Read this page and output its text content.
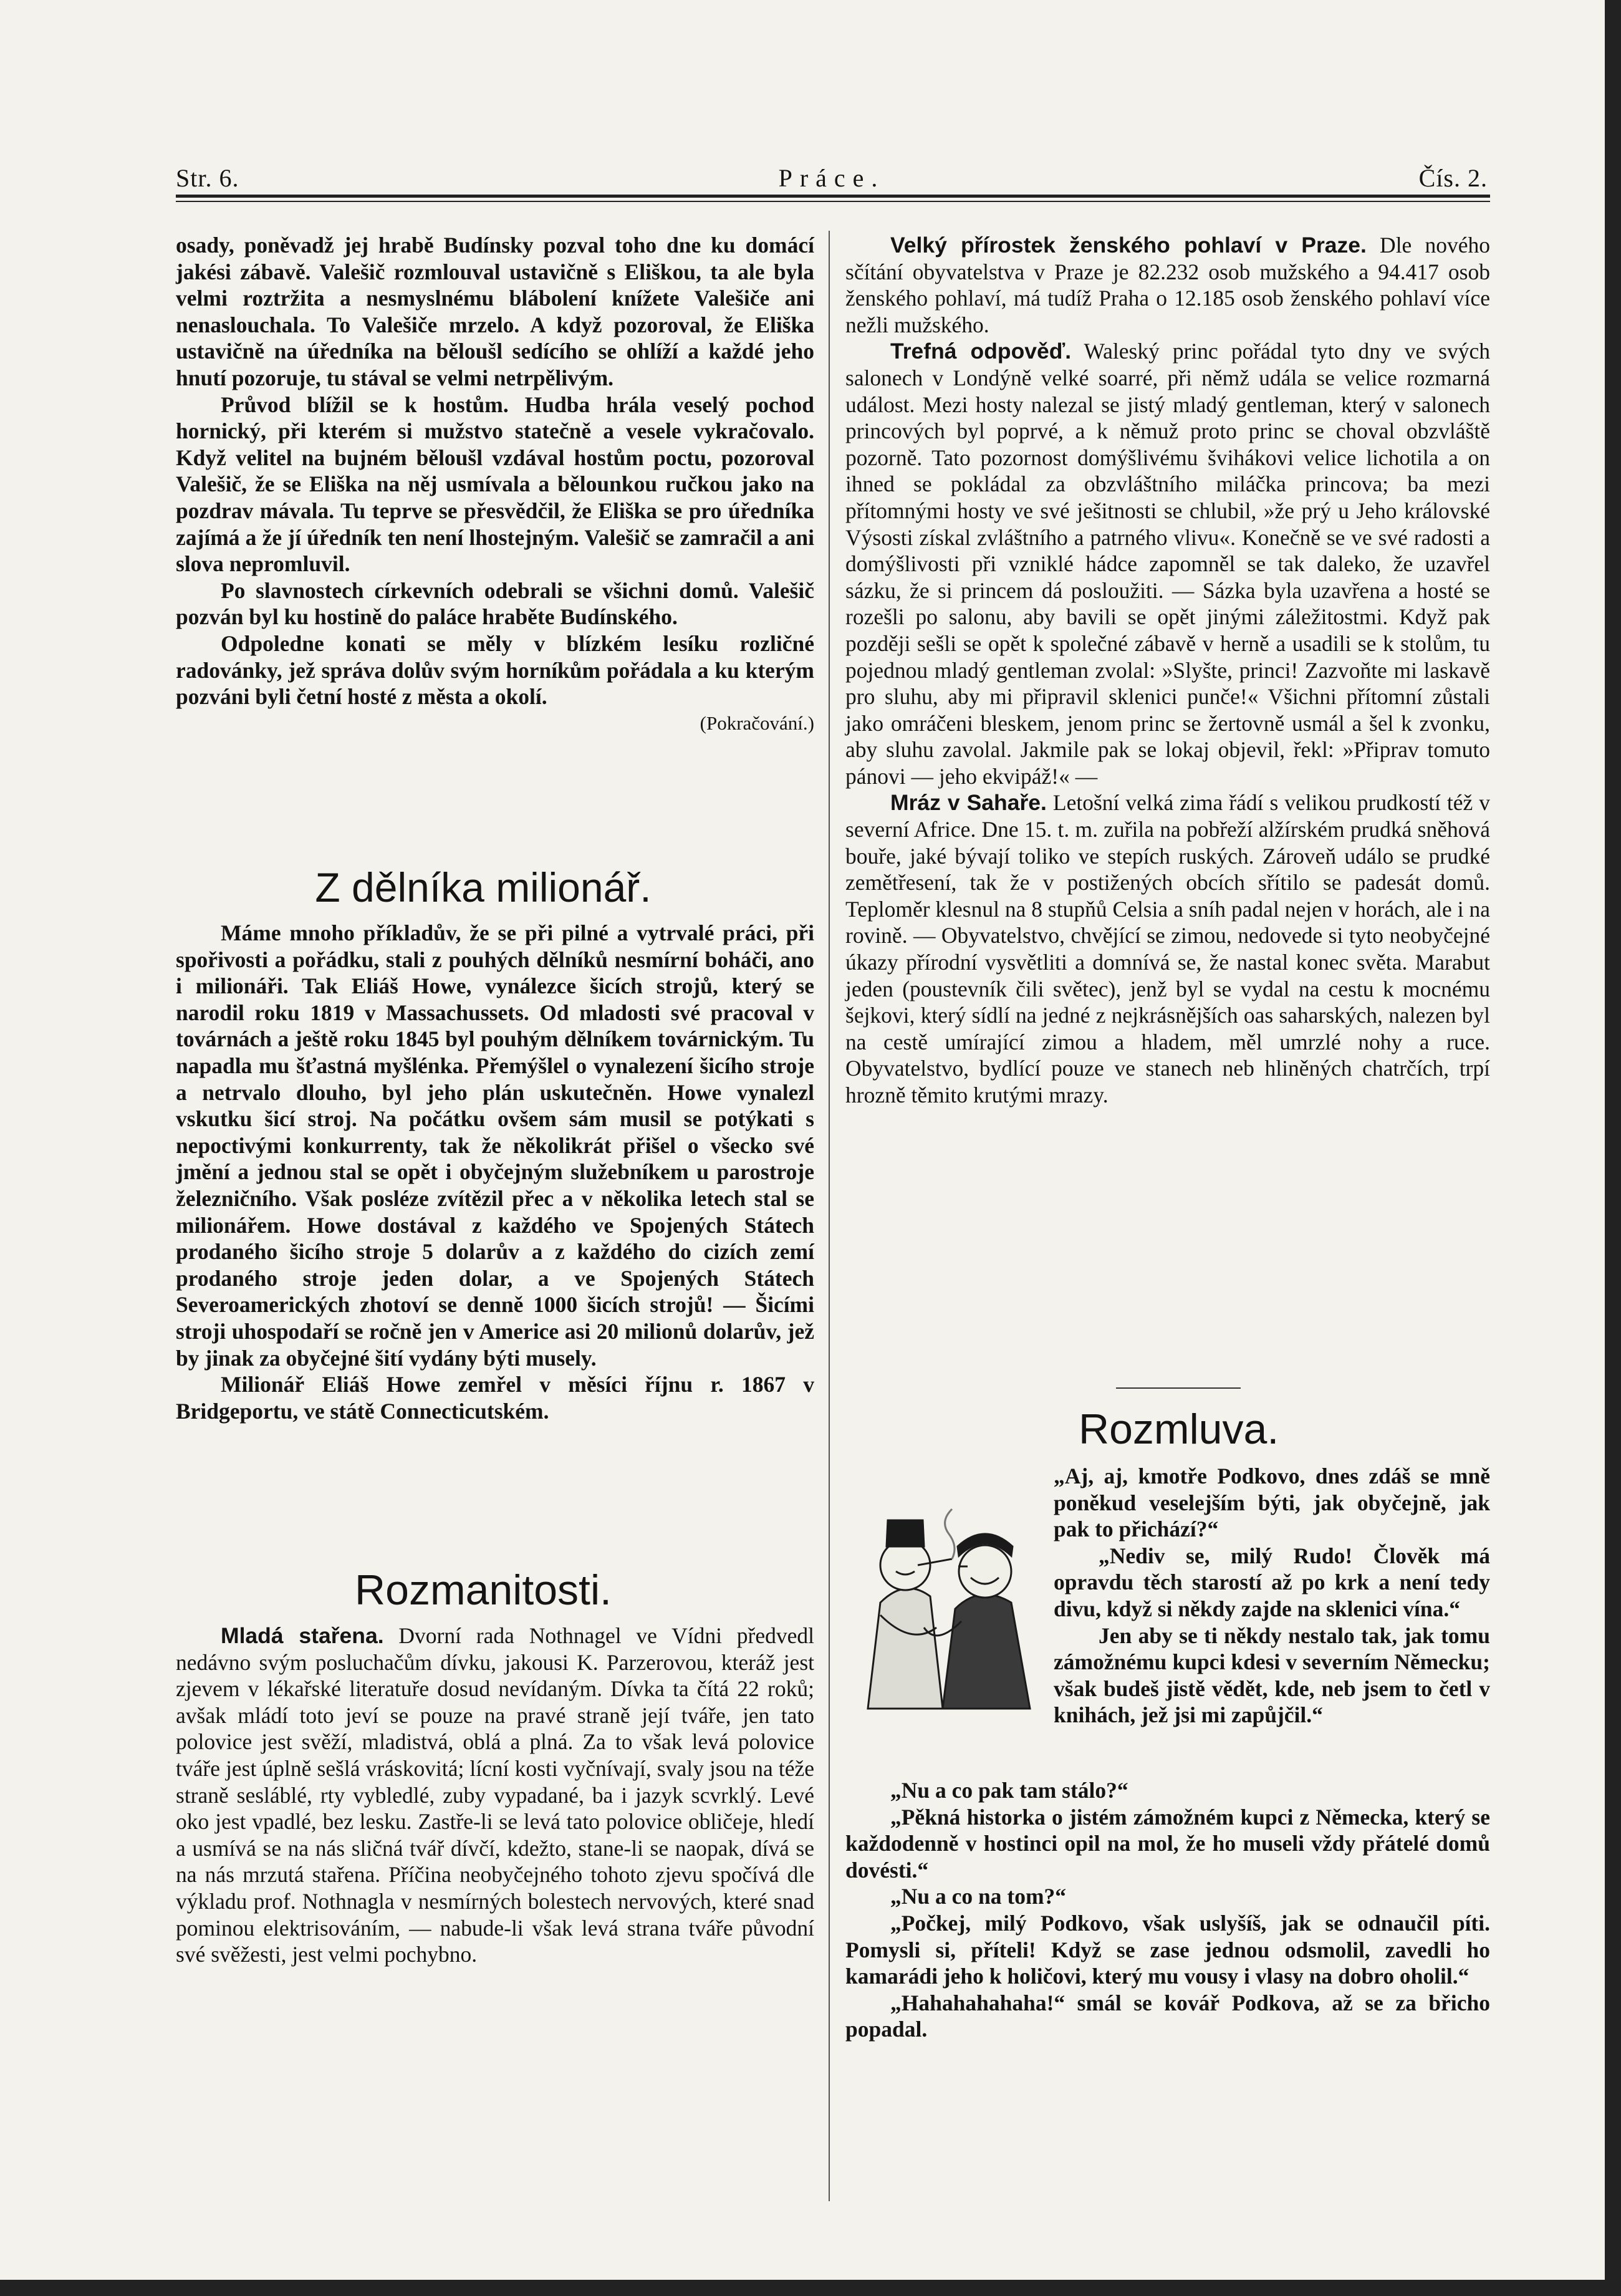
Str. 6.	Práce.	Čís. 2.

osady, poněvadž jej hrabě Budínsky pozval toho dne ku domácí jakési zábavě. Valešič rozmlouval ustavičně s Eliškou, ta ale byla velmi roztržita a nesmyslnému blábolení knížete Valešiče ani nenaslouchala. To Valešiče mrzelo. A když pozoroval, že Eliška ustavičně na úředníka na běloušl sedícího se ohlíží a každé jeho hnutí pozoruje, tu stával se velmi netrpělivým.

Průvod blížil se k hostům. Hudba hrála veselý pochod hornický, při kterém si mužstvo statečně a vesele vykračovalo. Když velitel na bujném běloušl vzdával hostům poctu, pozoroval Valešič, že se Eliška na něj usmívala a bělounkou ručkou jako na pozdrav mávala. Tu teprve se přesvědčil, že Eliška se pro úředníka zajímá a že jí úředník ten není lhostejným. Valešič se zamračil a ani slova nepromluvil.

Po slavnostech církevních odebrali se všichni domů. Valešič pozván byl ku hostině do paláce hraběte Budínského.

Odpoledne konati se měly v blízkém lesíku rozličné radovánky, jež správa dolův svým horníkům pořádala a ku kterým pozváni byli četní hosté z města a okolí.

(Pokračování.)
Z dělníka milionář.

Máme mnoho příkladův, že se při pilné a vytrvalé práci, při spořivosti a pořádku, stali z pouhých dělníků nesmírní boháči, ano i milionáři. Tak Eliáš Howe, vynálezce šicích strojů, který se narodil roku 1819 v Massachussets. Od mladosti své pracoval v továrnách a ještě roku 1845 byl pouhým dělníkem továrnickým. Tu napadla mu šťastná myšlénka. Přemýšlel o vynalezení šicího stroje a netrvalo dlouho, byl jeho plán uskutečněn. Howe vynalezl vskutku šicí stroj. Na počátku ovšem sám musil se potýkati s nepoctivými konkurrenty, tak že několikrát přišel o všecko své jmění a jednou stal se opět i obyčejným služebníkem u parostroje železničního. Však posléze zvítězil přec a v několika letech stal se milionářem. Howe dostával z každého ve Spojených Státech prodaného šicího stroje 5 dolarův a z každého do cizích zemí prodaného stroje jeden dolar, a ve Spojených Státech Severoamerických zhotoví se denně 1000 šicích strojů! — Šicími stroji uhospodaří se ročně jen v Americe asi 20 milionů dolarův, jež by jinak za obyčejné šití vydány býti musely.

Milionář Eliáš Howe zemřel v měsíci říjnu r. 1867 v Bridgeportu, ve státě Connecticutském.

Rozmanitosti.

Mladá stařena. Dvorní rada Nothnagel ve Vídni předvedl nedávno svým posluchačům dívku, jakousi K. Parzerovou, kteráž jest zjevem v lékařské literatuře dosud nevídaným. Dívka ta čítá 22 roků; avšak mládí toto jeví se pouze na pravé straně její tváře, jen tato polovice jest svěží, mladistvá, oblá a plná. Za to však levá polovice tváře jest úplně sešlá vráskovitá; lícní kosti vyčnívají, svaly jsou na téže straně sesláblé, rty vybledlé, zuby vypadané, ba i jazyk scvrklý. Levé oko jest vpadlé, bez lesku. Zastře-li se levá tato polovice obličeje, hledí a usmívá se na nás sličná tvář dívčí, kdežto, stane-li se naopak, dívá se na nás mrzutá stařena. Příčina neobyčejného tohoto zjevu spočívá dle výkladu prof. Nothnagla v nesmírných bolestech nervových, které snad pominou elektrisováním, — nabude-li však levá strana tváře původní své svěžesti, jest velmi pochybno.

Velký přírostek ženského pohlaví v Praze. Dle nového sčítání obyvatelstva v Praze je 82.232 osob mužského a 94.417 osob ženského pohlaví, má tudíž Praha o 12.185 osob ženského pohlaví více nežli mužského.

Trefná odpověď. Waleský princ pořádal tyto dny ve svých salonech v Londýně velké soarré, při němž udála se velice rozmarná událost. Mezi hosty nalezal se jistý mladý gentleman, který v salonech princových byl poprvé, a k němuž proto princ se choval obzvláště pozorně. Tato pozornost domýšlivému švihákovi velice lichotila a on ihned se pokládal za obzvláštního miláčka princova; ba mezi přítomnými hosty ve své ješitnosti se chlubil, »že prý u Jeho královské Výsosti získal zvláštního a patrného vlivu«. Konečně se ve své radosti a domýšlivosti při vzniklé hádce zapomněl se tak daleko, že uzavřel sázku, že si princem dá posloužiti. — Sázka byla uzavřena a hosté se rozešli po salonu, aby bavili se opět jinými záležitostmi. Když pak později sešli se opět k společné zábavě v herně a usadili se k stolům, tu pojednou mladý gentleman zvolal: »Slyšte, princi! Zazvoňte mi laskavě pro sluhu, aby mi připravil sklenici punče!« Všichni přítomní zůstali jako omráčeni bleskem, jenom princ se žertovně usmál a šel k zvonku, aby sluhu zavolal. Jakmile pak se lokaj objevil, řekl: »Připrav tomuto pánovi — jeho ekvipáž!« —

Mráz v Sahaře. Letošní velká zima řádí s velikou prudkostí též v severní Africe. Dne 15. t. m. zuřila na pobřeží alžírském prudká sněhová bouře, jaké bývají toliko ve stepích ruských. Zároveň událo se prudké zemětřesení, tak že v postižených obcích sřítilo se padesát domů. Teploměr klesnul na 8 stupňů Celsia a sníh padal nejen v horách, ale i na rovině. — Obyvatelstvo, chvějící se zimou, nedovede si tyto neobyčejné úkazy přírodní vysvětliti a domnívá se, že nastal konec světa. Marabut jeden (poustevník čili světec), jenž byl se vydal na cestu k mocnému šejkovi, který sídlí na jedné z nejkrásnějších oas saharských, nalezen byl na cestě umírající zimou a hladem, měl umrzlé nohy a ruce. Obyvatelstvo, bydlící pouze ve stanech neb hliněných chatrčích, trpí hrozně těmito krutými mrazy.

Rozmluva.

„Aj, aj, kmotře Podkovo, dnes zdáš se mně poněkud veselejším býti, jak obyčejně, jak pak to přichází?“

„Nediv se, milý Rudo! Člověk má opravdu těch starostí až po krk a není tedy divu, když si někdy zajde na sklenici vína.“

Jen aby se ti někdy nestalo tak, jak tomu zámožnému kupci kdesi v severním Německu; však budeš jistě vědět, kde, neb jsem to četl v knihách, jež jsi mi zapůjčil.“

„Nu a co pak tam stálo?“

„Pěkná historka o jistém zámožném kupci z Německa, který se každodenně v hostinci opil na mol, že ho museli vždy přátelé domů dovésti.“

„Nu a co na tom?“

„Počkej, milý Podkovo, však uslyšíš, jak se odnaučil píti. Pomysli si, příteli! Když se zase jednou odsmolil, zavedli ho kamarádi jeho k holičovi, který mu vousy i vlasy na dobro oholil.“

„Hahahahahaha!“ smál se kovář Podkova, až se za břicho popadal.
